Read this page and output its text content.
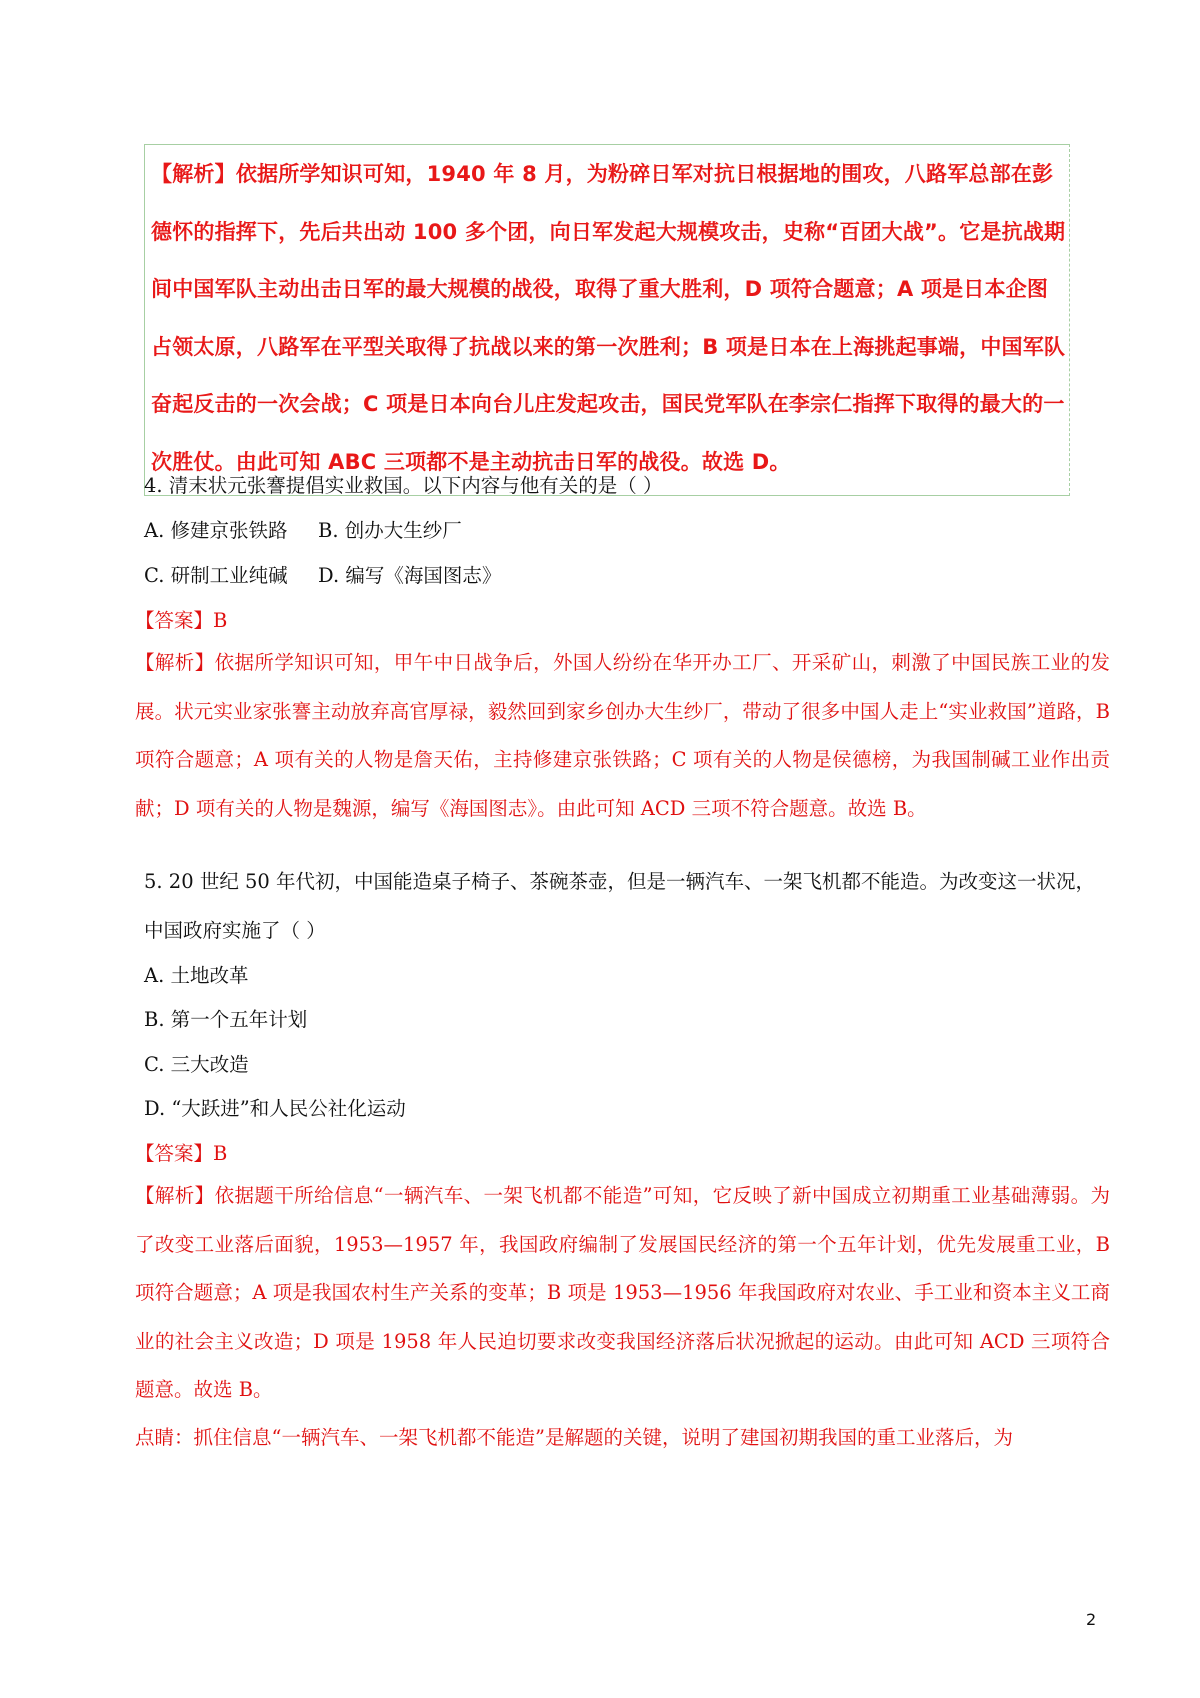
【解析】依据所学知识可知，1940 年 8 月，为粉碎日军对抗日根据地的围攻，八路军总部在彭德怀的指挥下，先后共出动 100 多个团，向日军发起大规模攻击，史称“百团大战”。它是抗战期间中国军队主动出击日军的最大规模的战役，取得了重大胜利，D 项符合题意；A 项是日本企图占领太原，八路军在平型关取得了抗战以来的第一次胜利；B 项是日本在上海挑起事端，中国军队奋起反击的一次会战；C 项是日本向台儿庄发起攻击，国民党军队在李宗仁指挥下取得的最大的一次胜仗。由此可知 ABC 三项都不是主动抗击日军的战役。故选 D。
4. 清末状元张謇提倡实业救国。以下内容与他有关的是（ ）
A. 修建京张铁路 B. 创办大生纱厂
C. 研制工业纯碱 D. 编写《海国图志》
【答案】B
【解析】依据所学知识可知，甲午中日战争后，外国人纷纷在华开办工厂、开采矿山，刺激了中国民族工业的发展。状元实业家张謇主动放弃高官厚禄，毅然回到家乡创办大生纱厂，带动了很多中国人走上“实业救国”道路，B 项符合题意；A 项有关的人物是詹天佑，主持修建京张铁路；C 项有关的人物是侯德榜，为我国制碱工业作出贡献；D 项有关的人物是魏源，编写《海国图志》。由此可知 ACD 三项不符合题意。故选 B。
5. 20 世纪 50 年代初，中国能造桌子椅子、茶碗茶壶，但是一辆汽车、一架飞机都不能造。为改变这一状况，中国政府实施了（ ）
A. 土地改革
B. 第一个五年计划
C. 三大改造
D. “大跃进”和人民公社化运动
【答案】B
【解析】依据题干所给信息“一辆汽车、一架飞机都不能造”可知，它反映了新中国成立初期重工业基础薄弱。为了改变工业落后面貌，1953—1957 年，我国政府编制了发展国民经济的第一个五年计划，优先发展重工业，B 项符合题意；A 项是我国农村生产关系的变革；B 项是 1953—1956 年我国政府对农业、手工业和资本主义工商业的社会主义改造；D 项是 1958 年人民迫切要求改变我国经济落后状况掀起的运动。由此可知 ACD 三项符合题意。故选 B。
点睛：抓住信息“一辆汽车、一架飞机都不能造”是解题的关键，说明了建国初期我国的重工业落后，为
2
